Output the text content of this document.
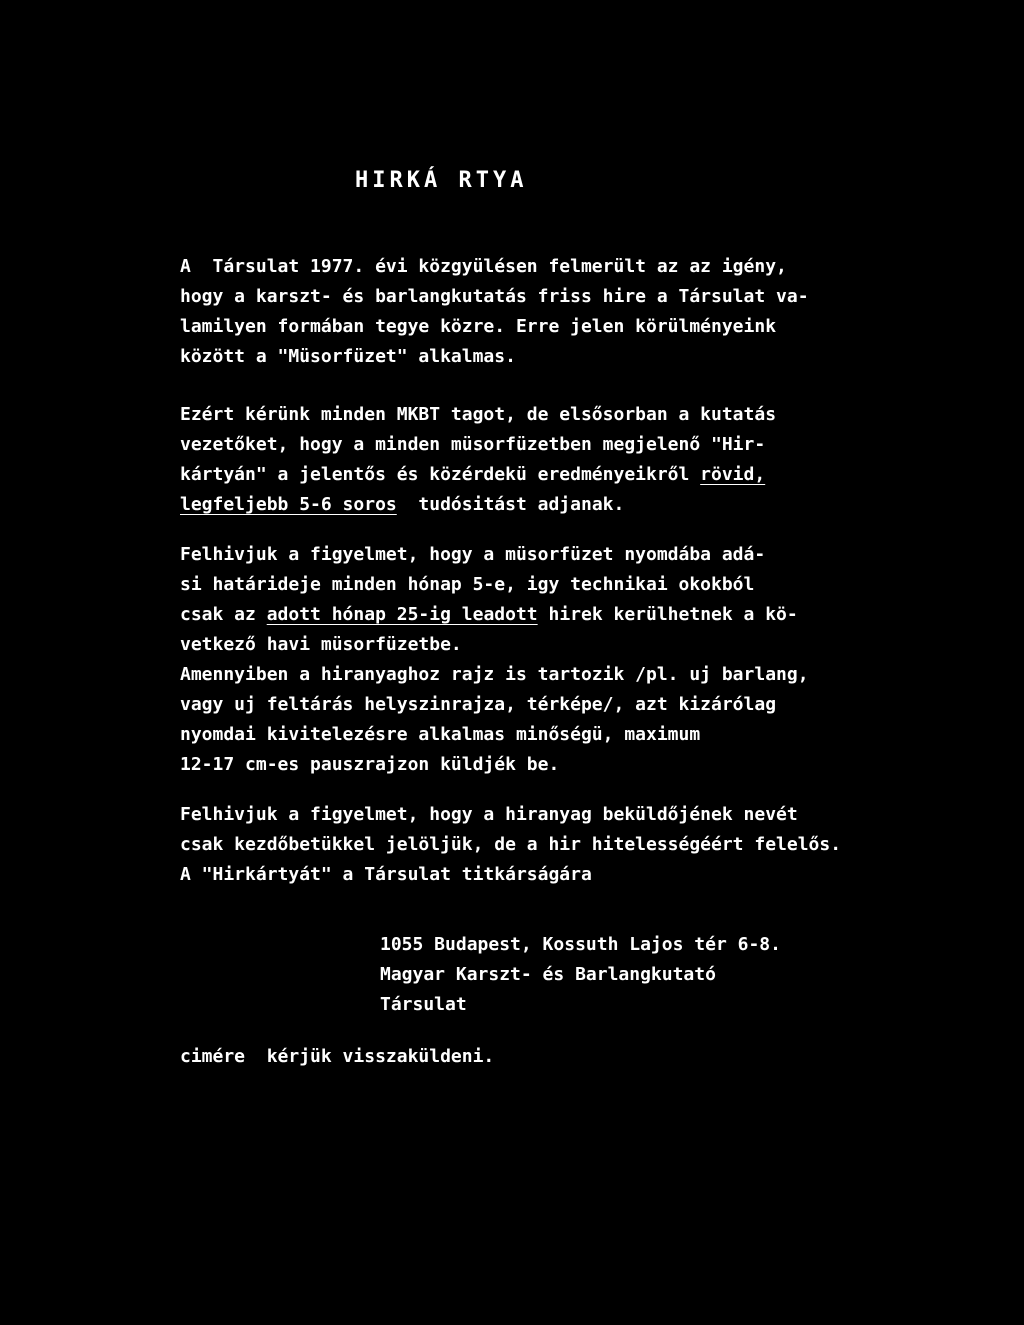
HIRKÁ RTYA
A  Társulat 1977. évi közgyülésen felmerült az az igény,
hogy a karszt- és barlangkutatás friss hire a Társulat va-
lamilyen formában tegye közre. Erre jelen körülményeink
között a "Müsorfüzet" alkalmas.
Ezért kérünk minden MKBT tagot, de elsősorban a kutatás
vezetőket, hogy a minden müsorfüzetben megjelenő "Hir-
kártyán" a jelentős és közérdekü eredményeikről rövid,
legfeljebb 5-6 soros  tudósitást adjanak.
Felhivjuk a figyelmet, hogy a müsorfüzet nyomdába adá-
si határideje minden hónap 5-e, igy technikai okokból
csak az adott hónap 25-ig leadott hirek kerülhetnek a kö-
vetkező havi müsorfüzetbe.
Amennyiben a hiranyaghoz rajz is tartozik /pl. uj barlang,
vagy uj feltárás helyszinrajza, térképe/, azt kizárólag
nyomdai kivitelezésre alkalmas minőségü, maximum
12-17 cm-es pauszrajzon küldjék be.
Felhivjuk a figyelmet, hogy a hiranyag beküldőjének nevét
csak kezdőbetükkel jelöljük, de a hir hitelességéért felelős.
A "Hirkártyát" a Társulat titkárságára
1055 Budapest, Kossuth Lajos tér 6-8.
Magyar Karszt- és Barlangkutató
Társulat
cimére  kérjük visszaküldeni.
